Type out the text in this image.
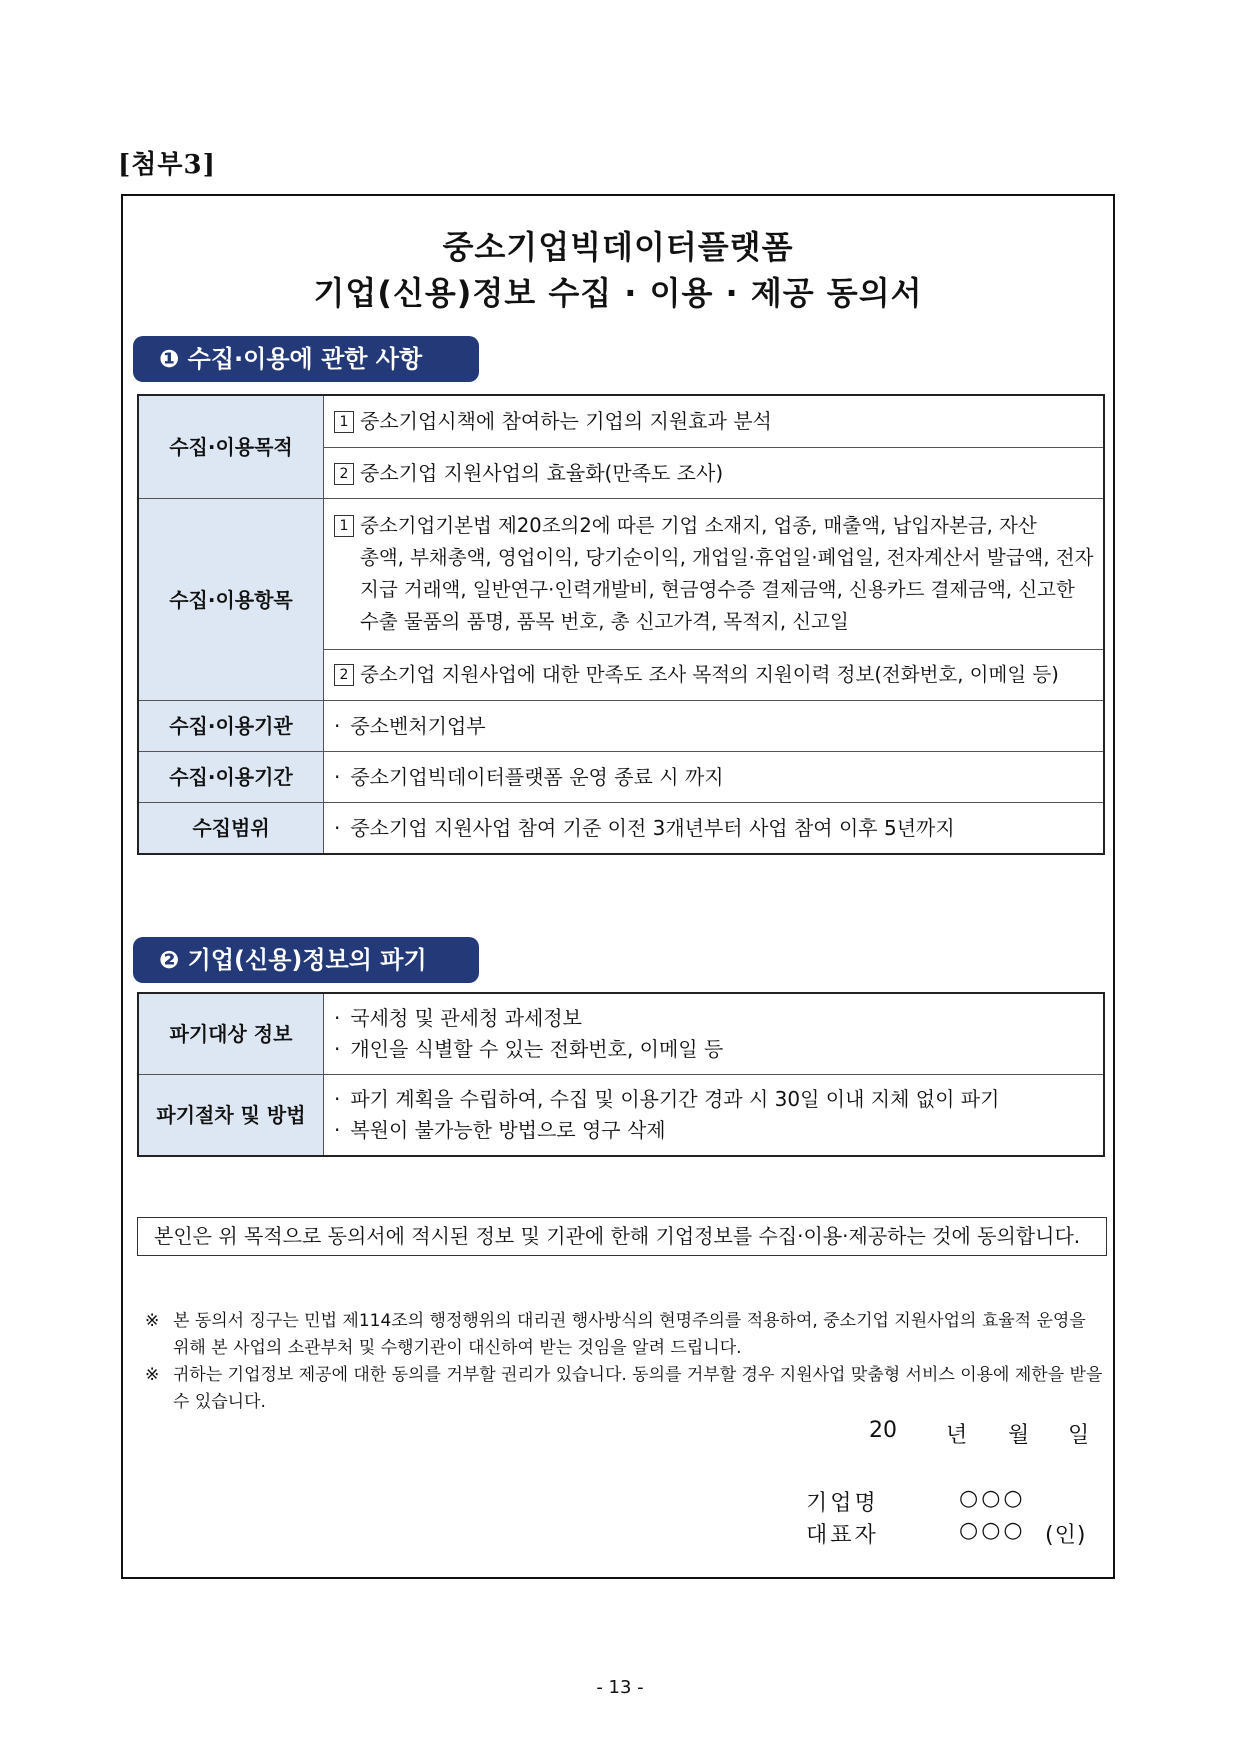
[첨부3]
중소기업빅데이터플랫폼
기업(신용)정보 수집 · 이용 · 제공 동의서
❶ 수집·이용에 관한 사항
수집·이용목적	1 중소기업시책에 참여하는 기업의 지원효과 분석
	2 중소기업 지원사업의 효율화(만족도 조사)
수집·이용항목	1 중소기업기본법 제20조의2에 따른 기업 소재지, 업종, 매출액, 납입자본금, 자산
총액, 부채총액, 영업이익, 당기순이익, 개업일·휴업일·폐업일, 전자계산서 발급액, 전자지급 거래액, 일반연구·인력개발비, 현금영수증 결제금액, 신용카드 결제금액, 신고한 수출 물품의 품명, 품목 번호, 총 신고가격, 목적지, 신고일

	2 중소기업 지원사업에 대한 만족도 조사 목적의 지원이력 정보(전화번호, 이메일 등)
수집·이용기관	· 중소벤처기업부
수집·이용기간	· 중소기업빅데이터플랫폼 운영 종료 시 까지
수집범위	· 중소기업 지원사업 참여 기준 이전 3개년부터 사업 참여 이후 5년까지
❷ 기업(신용)정보의 파기
파기대상 정보	· 국세청 및 관세청 과세정보
· 개인을 식별할 수 있는 전화번호, 이메일 등

파기절차 및 방법	· 파기 계획을 수립하여, 수집 및 이용기간 경과 시 30일 이내 지체 없이 파기
· 복원이 불가능한 방법으로 영구 삭제
본인은 위 목적으로 동의서에 적시된 정보 및 기관에 한해 기업정보를 수집·이용·제공하는 것에 동의합니다.
※ 본 동의서 징구는 민법 제114조의 행정행위의 대리권 행사방식의 현명주의를 적용하여, 중소기업 지원사업의 효율적 운영을 위해 본 사업의 소관부처 및 수행기관이 대신하여 받는 것임을 알려 드립니다.
※ 귀하는 기업정보 제공에 대한 동의를 거부할 권리가 있습니다. 동의를 거부할 경우 지원사업 맞춤형 서비스 이용에 제한을 받을 수 있습니다.
20 년 월 일
기업명	○○○
대표자	○○○ (인)
- 13 -
